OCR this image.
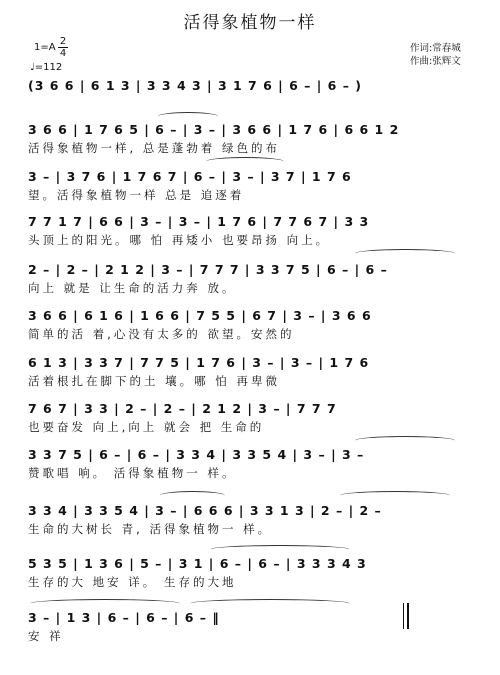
活得象植物一样
1=A
2
4
♩=112
作词:常春城
作曲:张辉文
(3 6 6 | 6 1 3 | 3 3 4 3 | 3 1 7 6 | 6 – | 6 – )
3 6 6 | 1 7 6 5 | 6 – | 3 – | 3 6 6 | 1 7 6 | 6 6 1 2
活得象植物一样, 总是蓬勃着 绿色的布
3 – | 3 7 6 | 1 7 6 7 | 6 – | 3 – | 3 7 | 1 7 6
望。活得象植物一样 总是 追逐着
7 7 1 7 | 6 6 | 3 – | 3 – | 1 7 6 | 7 7 6 7 | 3 3
头顶上的阳光。哪 怕 再矮小 也要昂扬 向上。
2 – | 2 – | 2 1 2 | 3 – | 7 7 7 | 3 3 7 5 | 6 – | 6 –
向上 就是 让生命的活力奔 放。
3 6 6 | 6 1 6 | 1 6 6 | 7 5 5 | 6 7 | 3 – | 3 6 6
简单的活 着,心没有太多的 欲望。安然的
6 1 3 | 3 3 7 | 7 7 5 | 1 7 6 | 3 – | 3 – | 1 7 6
活着根扎在脚下的土 壤。哪 怕 再卑微
7 6 7 | 3 3 | 2 – | 2 – | 2 1 2 | 3 – | 7 7 7
也要奋发 向上,向上 就会 把 生命的
3 3 7 5 | 6 – | 6 – | 3 3 4 | 3 3 5 4 | 3 – | 3 –
赞歌唱 响。 活得象植物一 样。
3 3 4 | 3 3 5 4 | 3 – | 6 6 6 | 3 3 1 3 | 2 – | 2 –
生命的大树长 青, 活得象植物一 样。
5 3 5 | 1 3 6 | 5 – | 3 1 | 6 – | 6 – | 3 3 3 4 3
生存的大 地安 详。 生存的大地
3 – | 1 3 | 6 – | 6 – | 6 – ‖
安 祥
